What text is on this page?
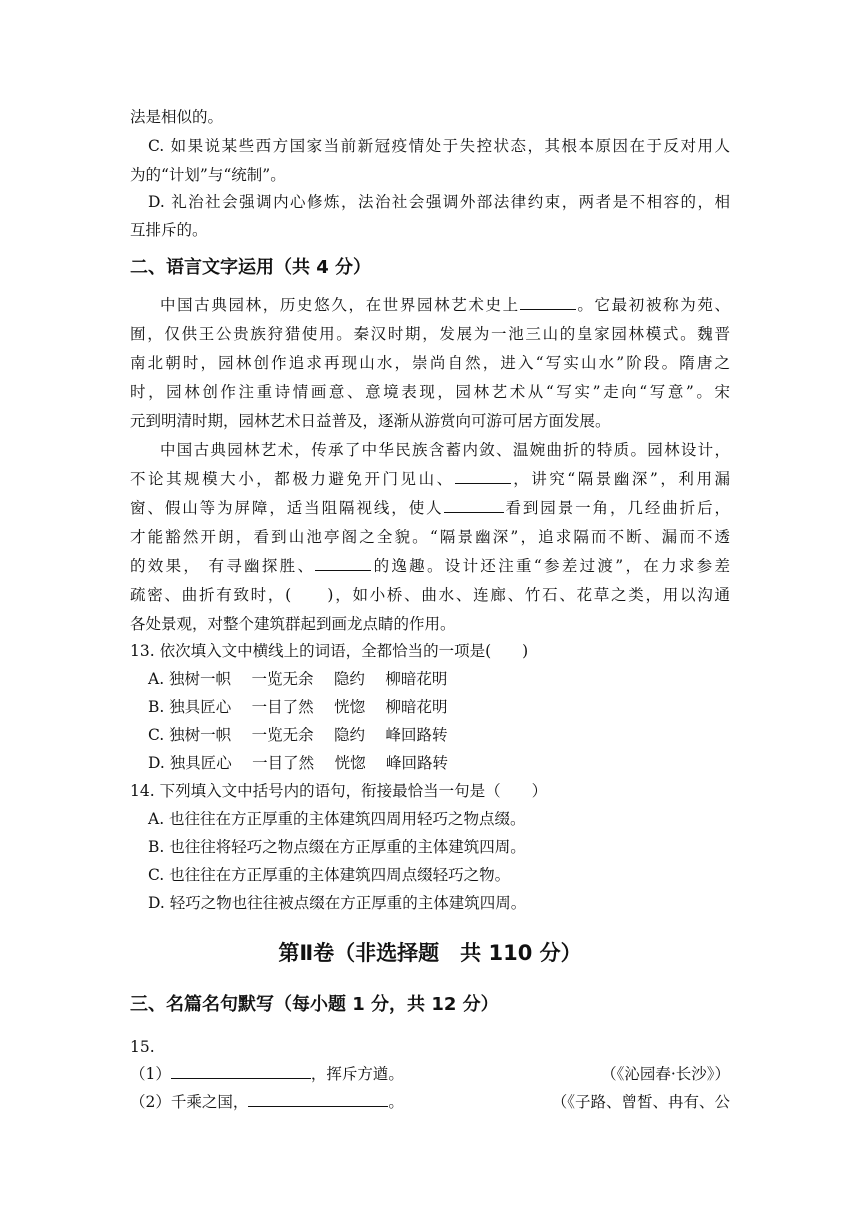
法是相似的。
C. 如果说某些西方国家当前新冠疫情处于失控状态，其根本原因在于反对用人
为的“计划”与“统制”。
D. 礼治社会强调内心修炼，法治社会强调外部法律约束，两者是不相容的，相
互排斥的。
二、语言文字运用（共 4 分）
中国古典园林，历史悠久，在世界园林艺术史上	。它最初被称为苑、
囿，仅供王公贵族狩猎使用。秦汉时期，发展为一池三山的皇家园林模式。魏晋
南北朝时，园林创作追求再现山水，崇尚自然，进入“写实山水”阶段。隋唐之
时，园林创作注重诗情画意、意境表现，园林艺术从“写实”走向“写意”。宋
元到明清时期，园林艺术日益普及，逐渐从游赏向可游可居方面发展。
中国古典园林艺术，传承了中华民族含蓄内敛、温婉曲折的特质。园林设计，
不论其规模大小，都极力避免开门见山、	，讲究“隔景幽深”，利用漏
窗、假山等为屏障，适当阻隔视线，使人	看到园景一角，几经曲折后，
才能豁然开朗，看到山池亭阁之全貌。“隔景幽深”，追求隔而不断、漏而不透
的效果， 有寻幽探胜、	的逸趣。设计还注重“参差过渡”，在力求参差
疏密、曲折有致时，(　　)，如小桥、曲水、连廊、竹石、花草之类，用以沟通
各处景观，对整个建筑群起到画龙点睛的作用。
13. 依次填入文中横线上的词语，全都恰当的一项是(　　)
A. 独树一帜　 一览无余　 隐约　 柳暗花明
B. 独具匠心　 一目了然　 恍惚　 柳暗花明
C. 独树一帜　 一览无余　 隐约　 峰回路转
D. 独具匠心　 一目了然　 恍惚　 峰回路转
14. 下列填入文中括号内的语句，衔接最恰当一句是（　　）
A. 也往往在方正厚重的主体建筑四周用轻巧之物点缀。
B. 也往往将轻巧之物点缀在方正厚重的主体建筑四周。
C. 也往往在方正厚重的主体建筑四周点缀轻巧之物。
D. 轻巧之物也往往被点缀在方正厚重的主体建筑四周。
第Ⅱ卷（非选择题　共 110 分）
三、名篇名句默写（每小题 1 分，共 12 分）
15.
（1）	，挥斥方遒。	（《沁园春·长沙》）
（2）千乘之国，	。	（《子路、曾皙、冉有、公
